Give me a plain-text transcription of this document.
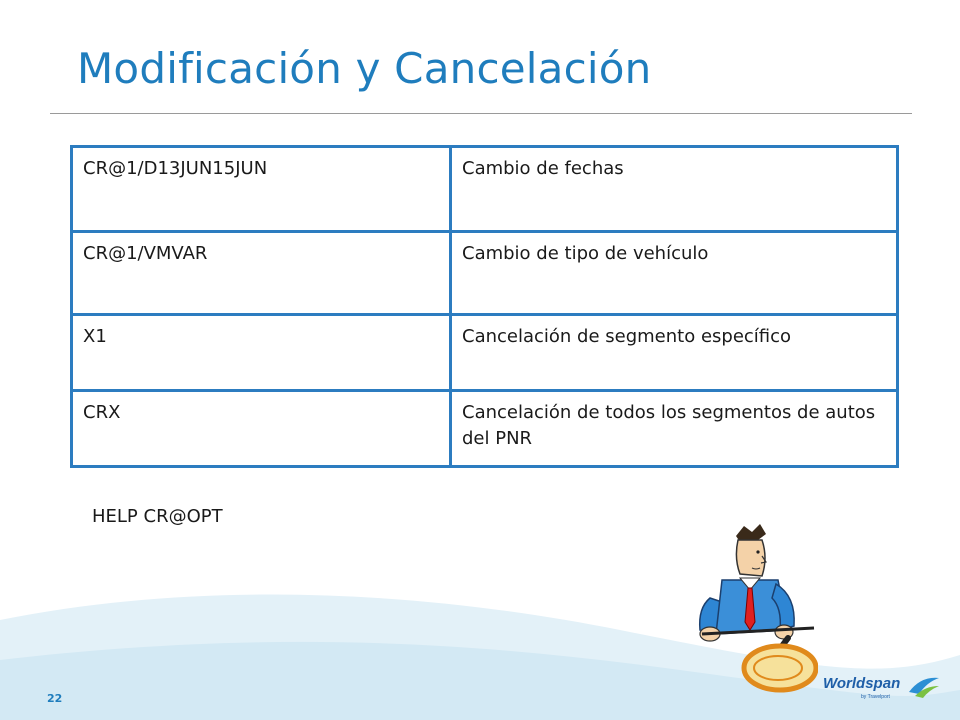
Modificación y Cancelación
CR@1/D13JUN15JUN	Cambio de fechas
CR@1/VMVAR	Cambio de tipo de vehículo
X1	Cancelación de segmento específico
CRX	Cancelación de todos los segmentos de autos del PNR
HELP CR@OPT
22
Worldspan
by Travelport
